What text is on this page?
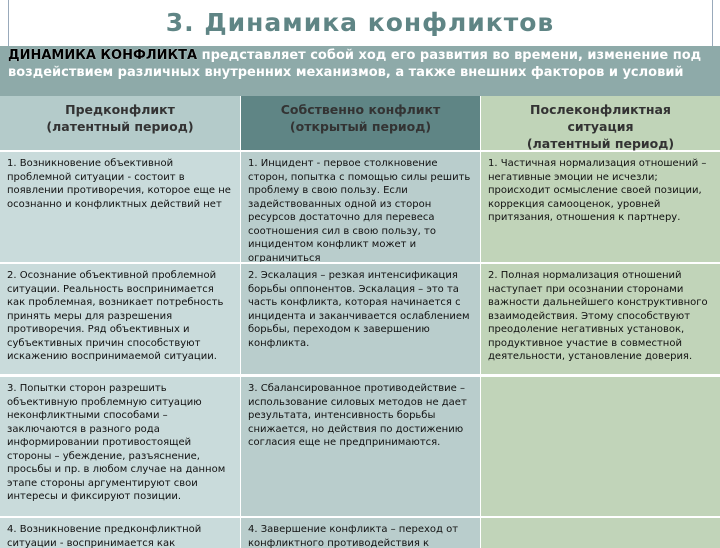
3. Динамика конфликтов
ДИНАМИКА КОНФЛИКТА представляет собой ход его развития во времени, изменение под воздействием различных внутренних механизмов, а также внешних факторов и условий
Предконфликт
(латентный период)
Собственно конфликт
(открытый период)
Послеконфликтная
ситуация
(латентный период)
1. Возникновение объективной проблемной ситуации - состоит в появлении противоречия, которое еще не осознанно и конфликтных действий нет
1. Инцидент - первое столкновение сторон, попытка с помощью силы решить проблему в свою пользу. Если задействованных одной из сторон ресурсов достаточно для перевеса соотношения сил в свою пользу, то инцидентом конфликт может и ограничиться
1. Частичная нормализация отношений – негативные эмоции не исчезли; происходит осмысление своей позиции, коррекция самооценок, уровней притязания, отношения к партнеру.
2. Осознание объективной проблемной ситуации. Реальность воспринимается как проблемная, возникает потребность принять меры для разрешения противоречия. Ряд объективных и субъективных причин способствуют искажению воспринимаемой ситуации.
2. Эскалация – резкая интенсификация борьбы оппонентов. Эскалация – это та часть конфликта, которая начинается с инцидента и заканчивается ослаблением борьбы, переходом к завершению конфликта.
2. Полная нормализация отношений наступает при осознании сторонами важности дальнейшего конструктивного взаимодействия. Этому способствуют преодоление негативных установок, продуктивное участие в совместной деятельности, установление доверия.
3. Попытки сторон разрешить объективную проблемную ситуацию неконфликтными способами – заключаются в разного рода информировании противостоящей стороны – убеждение, разъяснение, просьбы и пр. в любом случае на данном этапе стороны аргументируют свои интересы и фиксируют позиции.
3. Сбалансированное противодействие – использование силовых методов не дает результата, интенсивность борьбы снижается, но действия по достижению согласия еще не предпринимаются.
4. Возникновение предконфликтной ситуации - воспринимается как
4. Завершение конфликта – переход от конфликтного противодействия к
